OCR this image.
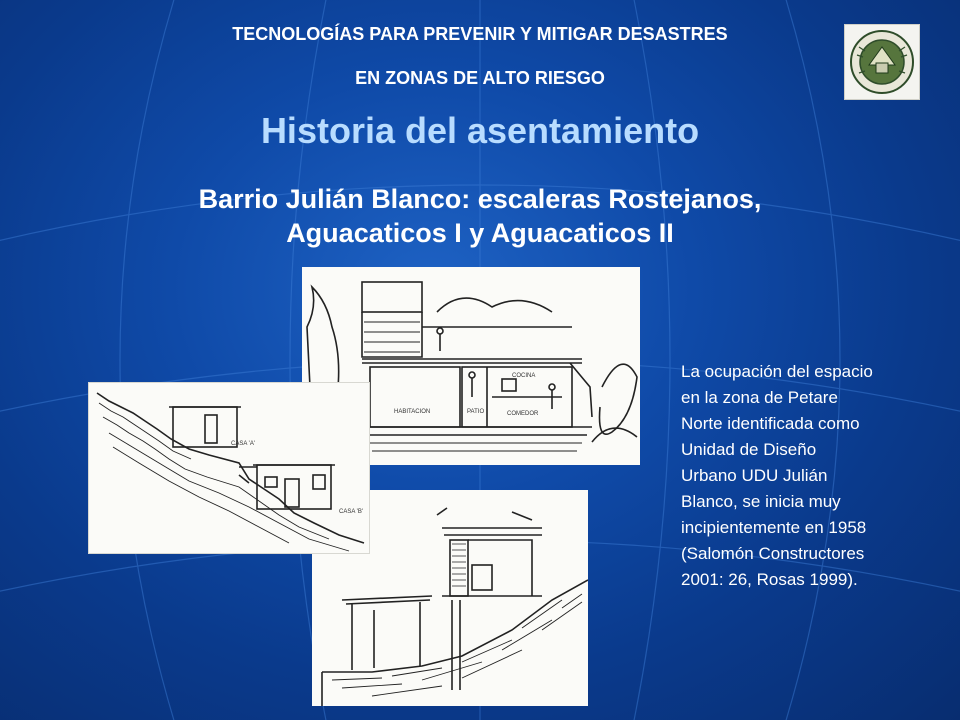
TECNOLOGÍAS PARA PREVENIR Y MITIGAR DESASTRES
EN ZONAS DE ALTO RIESGO
Historia del asentamiento
Barrio Julián Blanco: escaleras Rostejanos,
Aguacaticos I y Aguacaticos II
HABITACION	PATIO	COMEDOR
COCINA
CASA 'A'
CASA 'B'
La ocupación del espacio
en la zona de Petare
Norte identificada como
Unidad de Diseño
Urbano UDU Julián
Blanco, se inicia muy
incipientemente en 1958
(Salomón Constructores
2001: 26, Rosas 1999).
